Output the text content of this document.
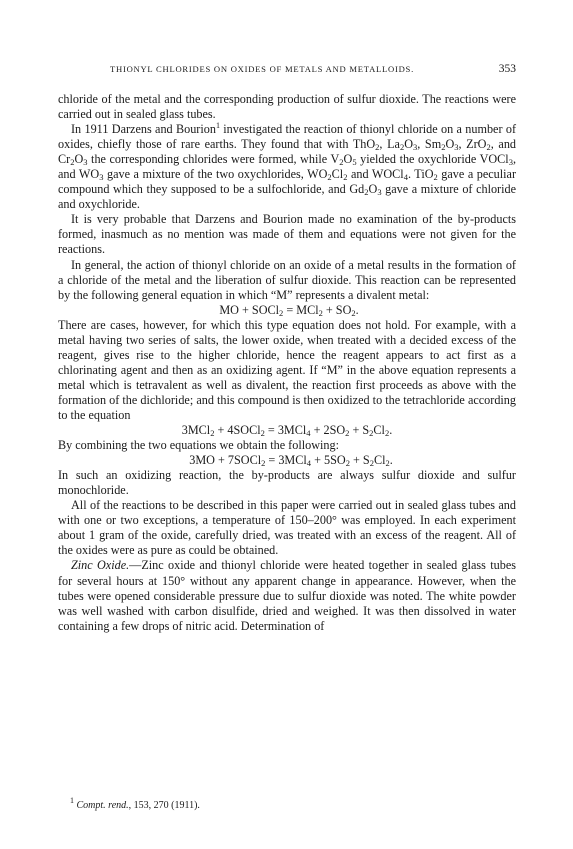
THIONYL CHLORIDES ON OXIDES OF METALS AND METALLOIDS.	353

chloride of the metal and the corresponding production of sulfur dioxide. The reactions were carried out in sealed glass tubes.

In 1911 Darzens and Bourion$^1$ investigated the reaction of thionyl chloride on a number of oxides, chiefly those of rare earths. They found that with ThO$_2$, $La_2O_3$, $Sm_2O_3$, ZrO$_2$, and $Cr_2O_3$ the corresponding chlorides were formed, while $V_2O_5$ yielded the oxychloride VOCl$_3$, and $WO_3$ gave a mixture of the two oxychlorides, $WO_2Cl_2$ and WOCl$_4$. TiO$_2$ gave a peculiar compound which they supposed to be a sulfochloride, and $Gd_2O_3$ gave a mixture of chloride and oxychloride.

It is very probable that Darzens and Bourion made no examination of the by-products formed, inasmuch as no mention was made of them and equations were not given for the reactions.

In general, the action of thionyl chloride on an oxide of a metal results in the formation of a chloride of the metal and the liberation of sulfur dioxide. This reaction can be represented by the following general equation in which “M” represents a divalent metal:

MO + SOCl$_2$ = $MCl_2 + SO_2$.

There are cases, however, for which this type equation does not hold. For example, with a metal having two series of salts, the lower oxide, when treated with a decided excess of the reagent, gives rise to the higher chloride, hence the reagent appears to act first as a chlorinating agent and then as an oxidizing agent. If “M” in the above equation represents a metal which is tetravalent as well as divalent, the reaction first proceeds as above with the formation of the dichloride; and this compound is then oxidized to the tetrachloride according to the equation

3MCl$_2$ + 4SOCl$_2$ = $3MCl_4 + 2SO_2 + S_2Cl_2$.

By combining the two equations we obtain the following:

3MO + 7SOCl$_2$ = $3MCl_4 + 5SO_2 + S_2Cl_2$.

In such an oxidizing reaction, the by-products are always sulfur dioxide and sulfur monochloride.

All of the reactions to be described in this paper were carried out in sealed glass tubes and with one or two exceptions, a temperature of 150–200° was employed. In each experiment about 1 gram of the oxide, carefully dried, was treated with an excess of the reagent. All of the oxides were as pure as could be obtained.

Zinc Oxide.—Zinc oxide and thionyl chloride were heated together in sealed glass tubes for several hours at 150° without any apparent change in appearance. However, when the tubes were opened considerable pressure due to sulfur dioxide was noted. The white powder was well washed with carbon disulfide, dried and weighed. It was then dissolved in water containing a few drops of nitric acid. Determination of

$^1$ Compt. rend., 153, 270 (1911).
